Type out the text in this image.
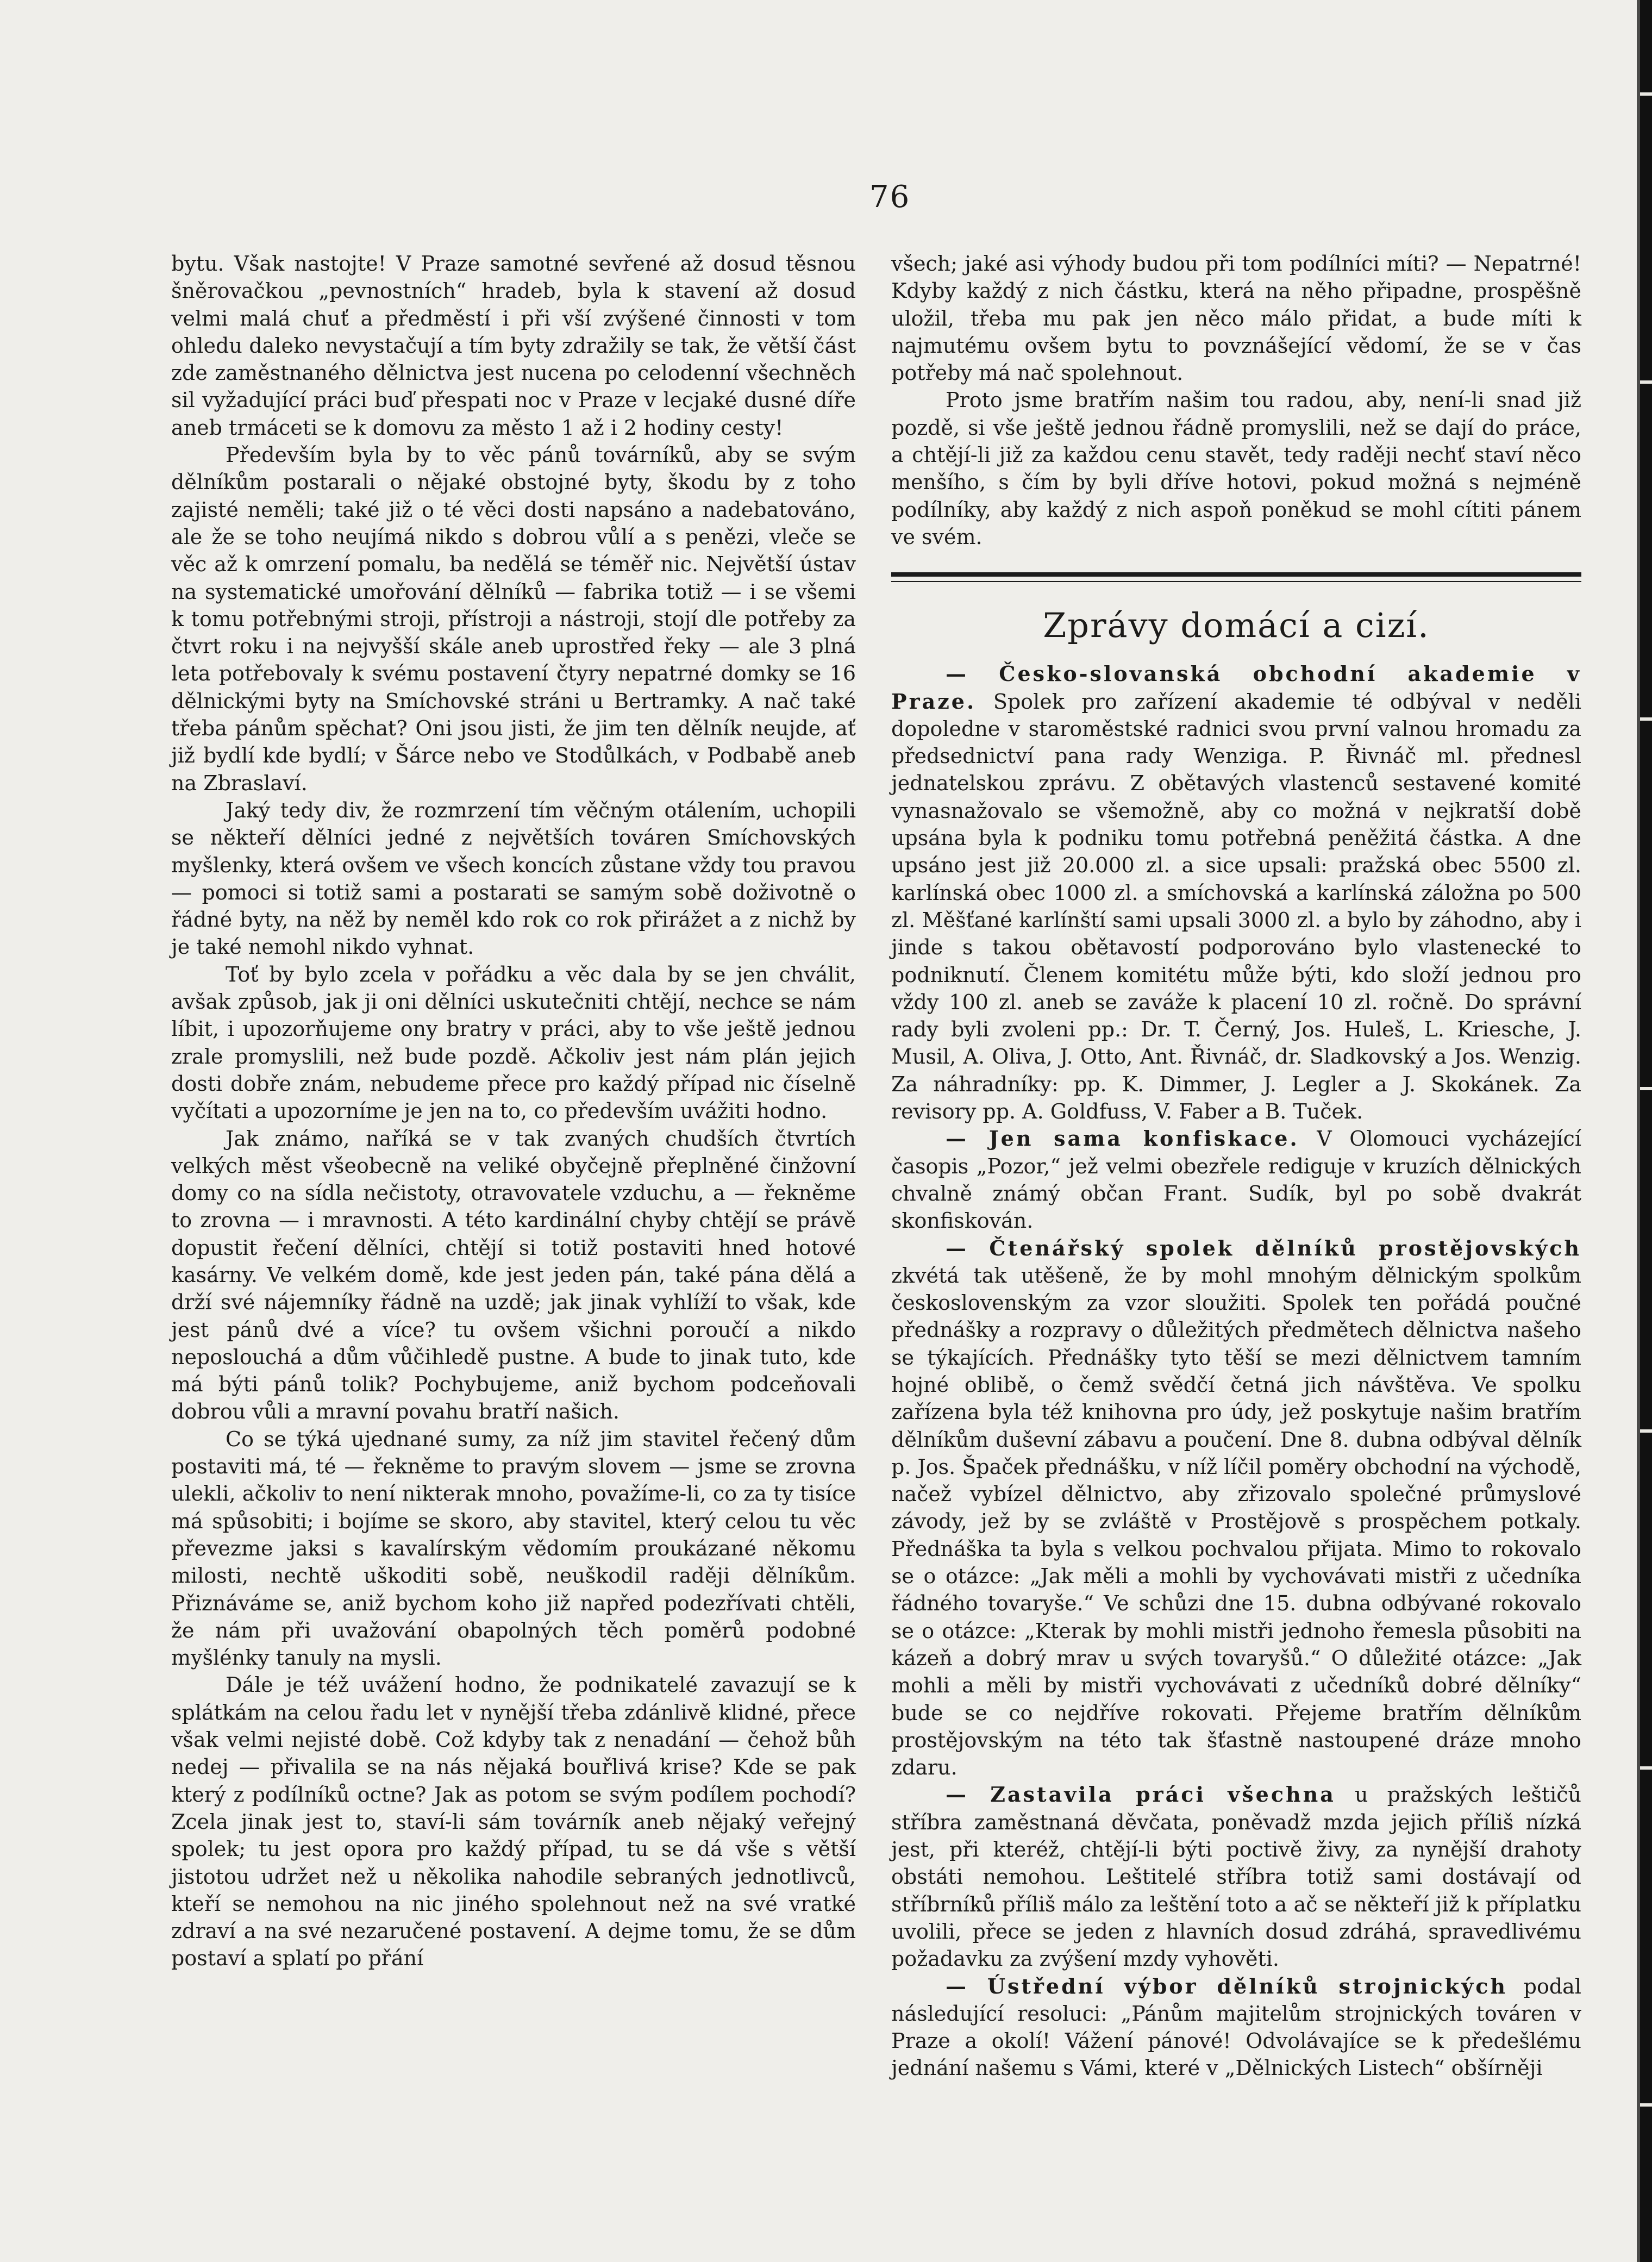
76

bytu. Však nastojte! V Praze samotné sevřené až dosud těsnou šněrovačkou „pevnostních“ hradeb, byla k stavení až dosud velmi malá chuť a předměstí i při vší zvýšené činnosti v tom ohledu daleko nevystačují a tím byty zdražily se tak, že větší část zde zaměstnaného dělnictva jest nucena po celodenní všechněch sil vyžadující práci buď přespati noc v Praze v lecjaké dusné díře aneb trmáceti se k domovu za město 1 až i 2 hodiny cesty!

Především byla by to věc pánů továrníků, aby se svým dělníkům postarali o nějaké obstojné byty, škodu by z toho zajisté neměli; také již o té věci dosti napsáno a nadebatováno, ale že se toho neujímá nikdo s dobrou vůlí a s penězi, vleče se věc až k omrzení pomalu, ba nedělá se téměř nic. Největší ústav na systematické umořování dělníků — fabrika totiž — i se všemi k tomu potřebnými stroji, přístroji a nástroji, stojí dle potřeby za čtvrt roku i na nejvyšší skále aneb uprostřed řeky — ale 3 plná leta potřebovaly k svému postavení čtyry nepatrné domky se 16 dělnickými byty na Smíchovské stráni u Bertramky. A nač také třeba pánům spěchat? Oni jsou jisti, že jim ten dělník neujde, ať již bydlí kde bydlí; v Šárce nebo ve Stodůlkách, v Podbabě aneb na Zbraslaví.

Jaký tedy div, že rozmrzení tím věčným otálením, uchopili se někteří dělníci jedné z největších továren Smíchovských myšlenky, která ovšem ve všech koncích zůstane vždy tou pravou — pomoci si totiž sami a postarati se samým sobě doživotně o řádné byty, na něž by neměl kdo rok co rok přirážet a z nichž by je také nemohl nikdo vyhnat.

Toť by bylo zcela v pořádku a věc dala by se jen chválit, avšak způsob, jak ji oni dělníci uskutečniti chtějí, nechce se nám líbit, i upozorňujeme ony bratry v práci, aby to vše ještě jednou zrale promyslili, než bude pozdě. Ačkoliv jest nám plán jejich dosti dobře znám, nebudeme přece pro každý případ nic číselně vyčítati a upozorníme je jen na to, co především uvážiti hodno.

Jak známo, naříká se v tak zvaných chudších čtvrtích velkých měst všeobecně na veliké obyčejně přeplněné činžovní domy co na sídla nečistoty, otravovatele vzduchu, a — řekněme to zrovna — i mravnosti. A této kardinální chyby chtějí se právě dopustit řečení dělníci, chtějí si totiž postaviti hned hotové kasárny. Ve velkém domě, kde jest jeden pán, také pána dělá a drží své nájemníky řádně na uzdě; jak jinak vyhlíží to však, kde jest pánů dvé a více? tu ovšem všichni poroučí a nikdo neposlouchá a dům vůčihledě pustne. A bude to jinak tuto, kde má býti pánů tolik? Pochybujeme, aniž bychom podceňovali dobrou vůli a mravní povahu bratří našich.

Co se týká ujednané sumy, za níž jim stavitel řečený dům postaviti má, té — řekněme to pravým slovem — jsme se zrovna ulekli, ačkoliv to není nikterak mnoho, považíme-li, co za ty tisíce má spůsobiti; i bojíme se skoro, aby stavitel, který celou tu věc převezme jaksi s kavalírským vědomím proukázané někomu milosti, nechtě uškoditi sobě, neuškodil raději dělníkům. Přiznáváme se, aniž bychom koho již napřed podezřívati chtěli, že nám při uvažování obapolných těch poměrů podobné myšlénky tanuly na mysli.

Dále je též uvážení hodno, že podnikatelé zavazují se k splátkám na celou řadu let v nynější třeba zdánlivě klidné, přece však velmi nejisté době. Což kdyby tak z nenadání — čehož bůh nedej — přivalila se na nás nějaká bouřlivá krise? Kde se pak který z podílníků octne? Jak as potom se svým podílem pochodí? Zcela jinak jest to, staví-li sám továrník aneb nějaký veřejný spolek; tu jest opora pro každý případ, tu se dá vše s větší jistotou udržet než u několika nahodile sebraných jednotlivců, kteří se nemohou na nic jiného spolehnout než na své vratké zdraví a na své nezaručené postavení. A dejme tomu, že se dům postaví a splatí po přání

všech; jaké asi výhody budou při tom podílníci míti? — Nepatrné! Kdyby každý z nich částku, která na něho připadne, prospěšně uložil, třeba mu pak jen něco málo přidat, a bude míti k najmutému ovšem bytu to povznášející vědomí, že se v čas potřeby má nač spolehnout.

Proto jsme bratřím našim tou radou, aby, není-li snad již pozdě, si vše ještě jednou řádně promyslili, než se dají do práce, a chtějí-li již za každou cenu stavět, tedy raději nechť staví něco menšího, s čím by byli dříve hotovi, pokud možná s nejméně podílníky, aby každý z nich aspoň poněkud se mohl cítiti pánem ve svém.

Zprávy domácí a cizí.

— Česko-slovanská obchodní akademie v Praze. Spolek pro zařízení akademie té odbýval v neděli dopoledne v staroměstské radnici svou první valnou hromadu za předsednictví pana rady Wenziga. P. Řivnáč ml. přednesl jednatelskou zprávu. Z obětavých vlastenců sestavené komité vynasnažovalo se všemožně, aby co možná v nejkratší době upsána byla k podniku tomu potřebná peněžitá částka. A dne upsáno jest již 20.000 zl. a sice upsali: pražská obec 5500 zl. karlínská obec 1000 zl. a smíchovská a karlínská záložna po 500 zl. Měšťané karlínští sami upsali 3000 zl. a bylo by záhodno, aby i jinde s takou obětavostí podporováno bylo vlastenecké to podniknutí. Členem komitétu může býti, kdo složí jednou pro vždy 100 zl. aneb se zaváže k placení 10 zl. ročně. Do správní rady byli zvoleni pp.: Dr. T. Černý, Jos. Huleš, L. Kriesche, J. Musil, A. Oliva, J. Otto, Ant. Řivnáč, dr. Sladkovský a Jos. Wenzig. Za náhradníky: pp. K. Dimmer, J. Legler a J. Skokánek. Za revisory pp. A. Goldfuss, V. Faber a B. Tuček.

— Jen sama konfiskace. V Olomouci vycházející časopis „Pozor,“ jež velmi obezřele rediguje v kruzích dělnických chvalně známý občan Frant. Sudík, byl po sobě dvakrát skonfiskován.

— Čtenářský spolek dělníků prostějovských zkvétá tak utěšeně, že by mohl mnohým dělnickým spolkům československým za vzor sloužiti. Spolek ten pořádá poučné přednášky a rozpravy o důležitých předmětech dělnictva našeho se týkajících. Přednášky tyto těší se mezi dělnictvem tamním hojné oblibě, o čemž svědčí četná jich návštěva. Ve spolku zařízena byla též knihovna pro údy, jež poskytuje našim bratřím dělníkům duševní zábavu a poučení. Dne 8. dubna odbýval dělník p. Jos. Špaček přednášku, v níž líčil poměry obchodní na východě, načež vybízel dělnictvo, aby zřizovalo společné průmyslové závody, jež by se zvláště v Prostějově s prospěchem potkaly. Přednáška ta byla s velkou pochvalou přijata. Mimo to rokovalo se o otázce: „Jak měli a mohli by vychovávati mistři z učedníka řádného tovaryše.“ Ve schůzi dne 15. dubna odbývané rokovalo se o otázce: „Kterak by mohli mistři jednoho řemesla působiti na kázeň a dobrý mrav u svých tovaryšů.“ O důležité otázce: „Jak mohli a měli by mistři vychovávati z učedníků dobré dělníky“ bude se co nejdříve rokovati. Přejeme bratřím dělníkům prostějovským na této tak šťastně nastoupené dráze mnoho zdaru.

— Zastavila práci všechna u pražských leštičů stříbra zaměstnaná děvčata, poněvadž mzda jejich příliš nízká jest, při kteréž, chtějí-li býti poctivě živy, za nynější drahoty obstáti nemohou. Leštitelé stříbra totiž sami dostávají od stříbrníků příliš málo za leštění toto a ač se někteří již k příplatku uvolili, přece se jeden z hlavních dosud zdráhá, spravedlivému požadavku za zvýšení mzdy vyhověti.

— Ústřední výbor dělníků strojnických podal následující resoluci: „Pánům majitelům strojnických továren v Praze a okolí! Vážení pánové! Odvolávajíce se k předešlému jednání našemu s Vámi, které v „Dělnických Listech“ obšírněji
